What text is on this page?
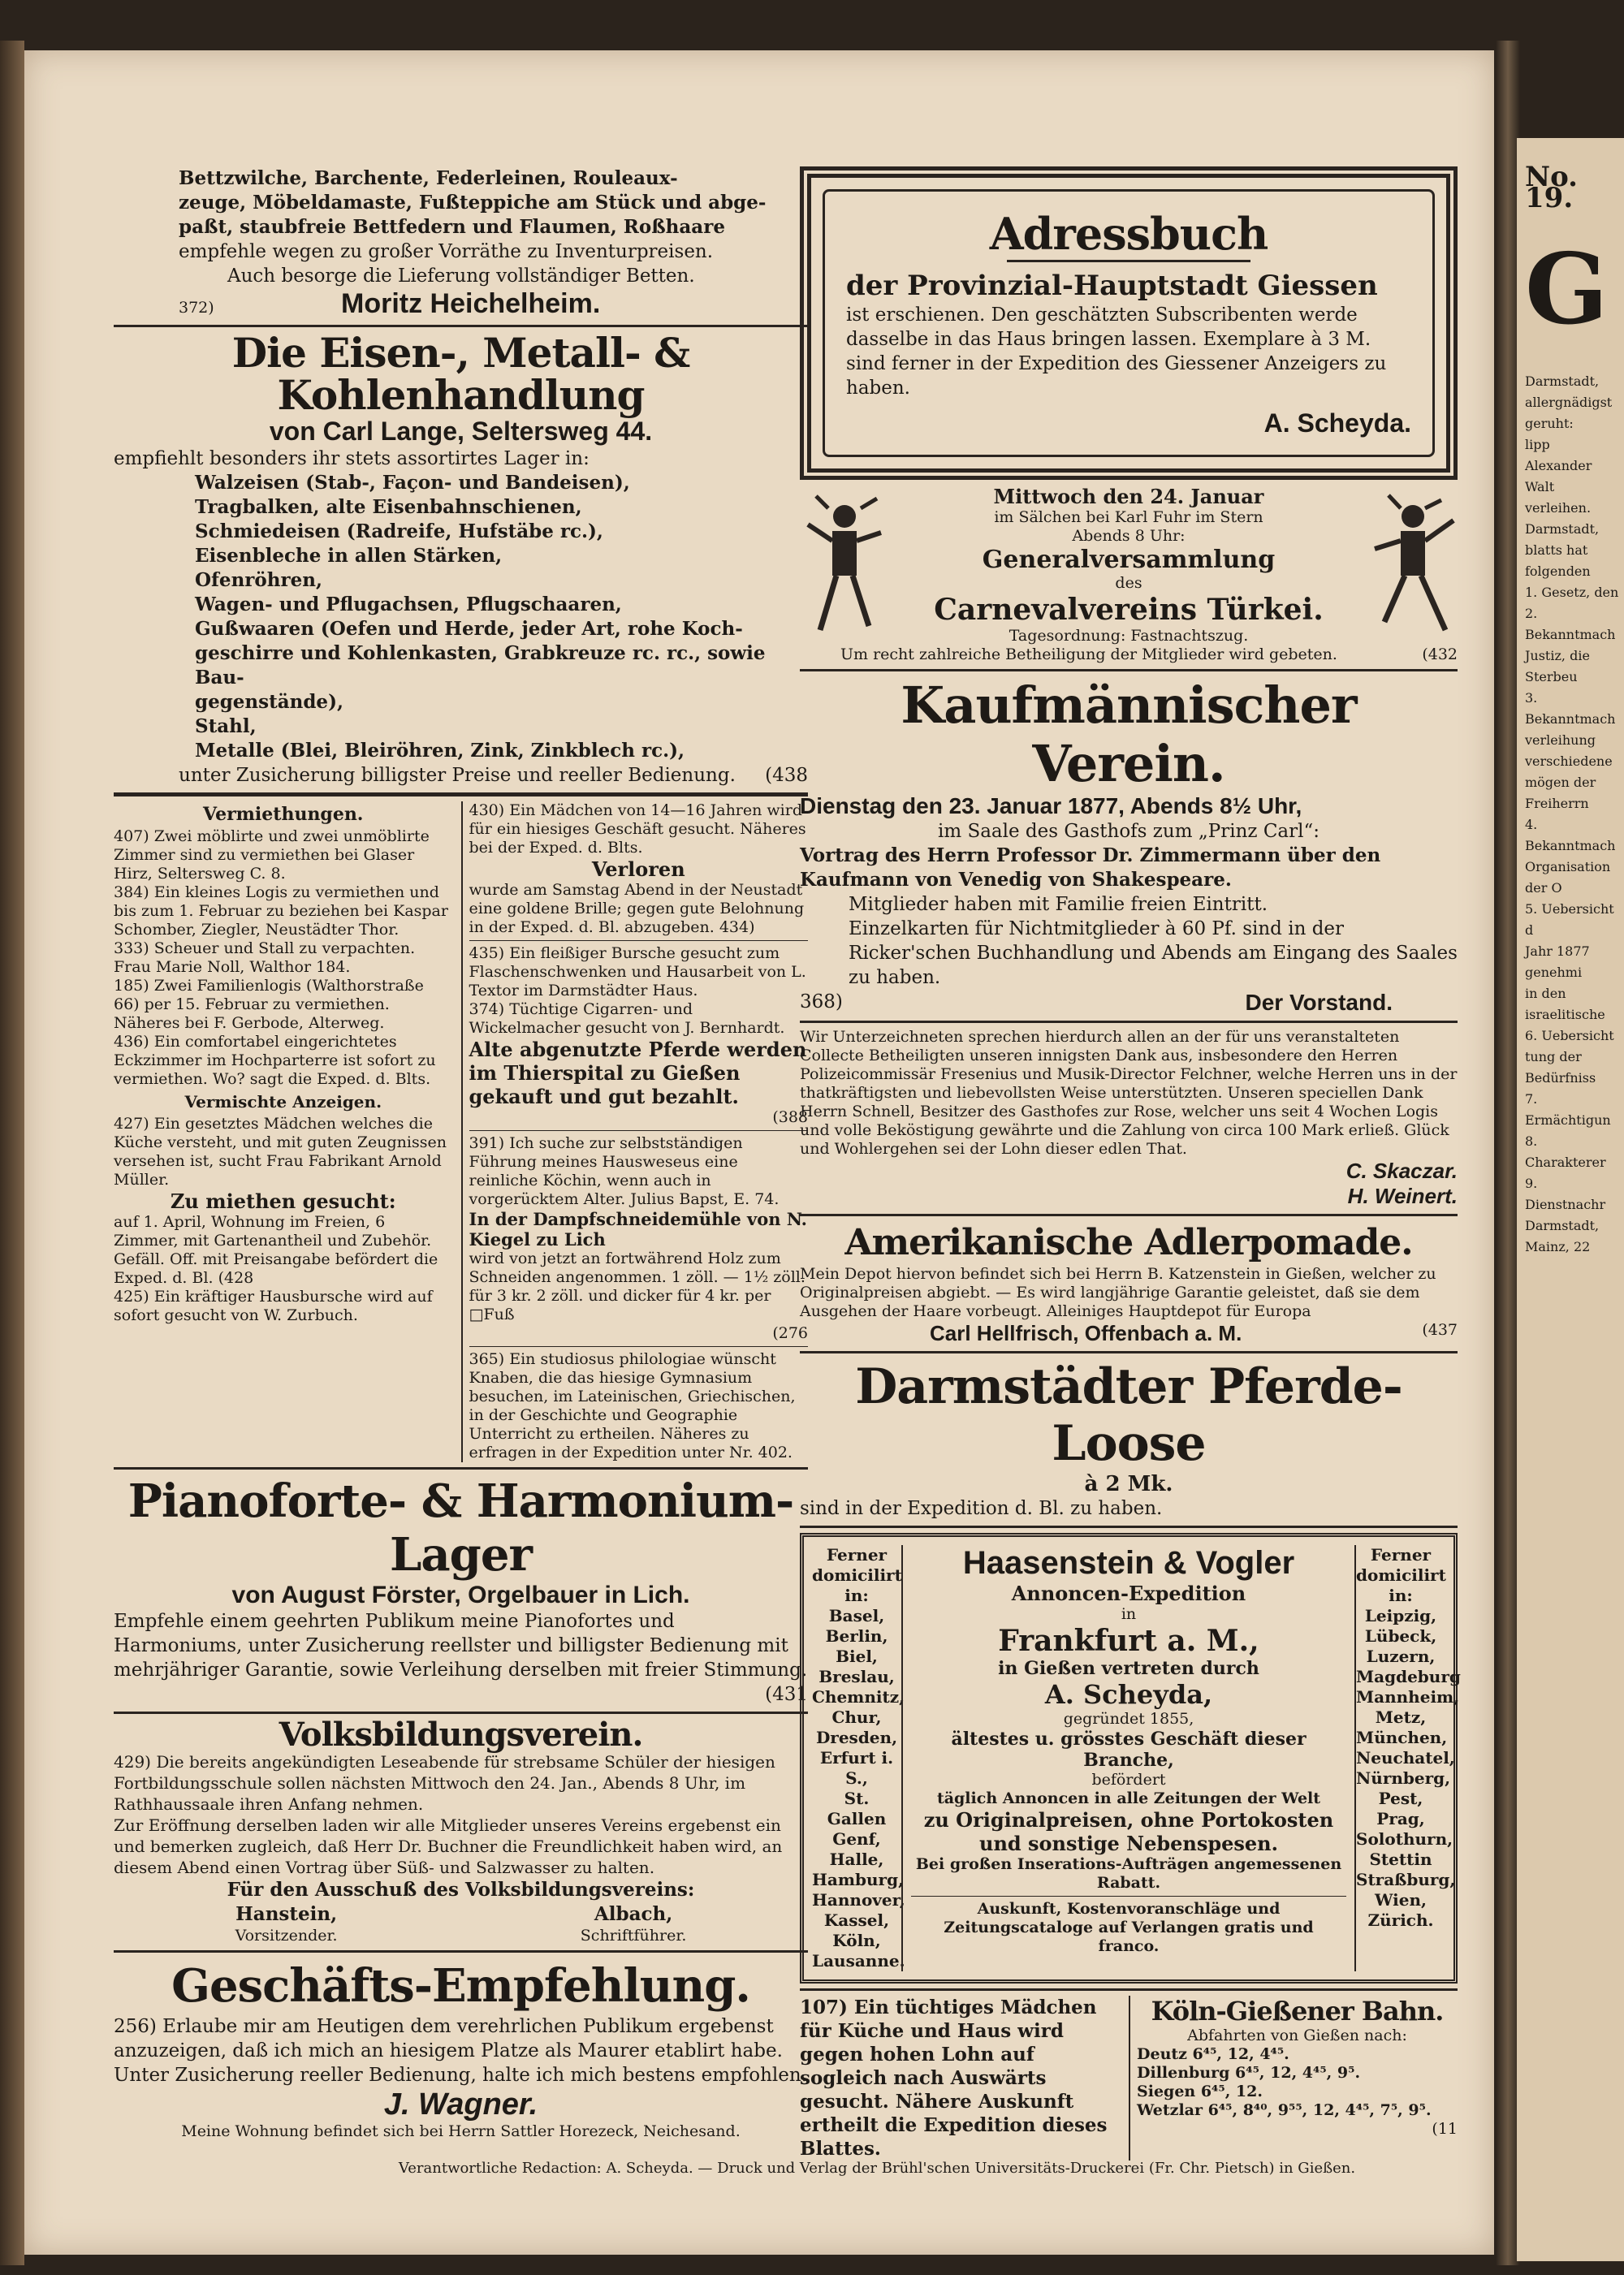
No. 19.
G

Darmstadt,

allergnädigst geruht:

lipp Alexander Walt

verleihen.

Darmstadt,

blatts hat folgenden

1. Gesetz, den

2. Bekanntmach

Justiz, die Sterbeu

3. Bekanntmach

verleihung verschiedene

mögen der Freiherrn

4. Bekanntmach

Organisation der O

5. Uebersicht d

Jahr 1877 genehmi

in den israelitische

6. Uebersicht

tung der Bedürfniss

7. Ermächtigun

8. Charakterer

9. Dienstnachr

Darmstadt,

Mainz, 22

Bettzwilche, Barchente, Federleinen, Rouleaux-

zeuge, Möbeldamaste, Fußteppiche am Stück und abge-

paßt, staubfreie Bettfedern und Flaumen, Roßhaare

empfehle wegen zu großer Vorräthe zu Inventurpreisen.

Auch besorge die Lieferung vollständiger Betten.

372)	Moritz Heichelheim.

Die Eisen-, Metall- & Kohlenhandlung

von Carl Lange, Seltersweg 44.

empfiehlt besonders ihr stets assortirtes Lager in:

Walzeisen (Stab-, Façon- und Bandeisen),

Tragbalken, alte Eisenbahnschienen,

Schmiedeisen (Radreife, Hufstäbe rc.),

Eisenbleche in allen Stärken,

Ofenröhren,

Wagen- und Pflugachsen, Pflugschaaren,

Gußwaaren (Oefen und Herde, jeder Art, rohe Koch-

geschirre und Kohlenkasten, Grabkreuze rc. rc., sowie Bau-

gegenstände),

Stahl,

Metalle (Blei, Bleiröhren, Zink, Zinkblech rc.),

unter Zusicherung billigster Preise und reeller Bedienung. (438

Vermiethungen.

407) Zwei möblirte und zwei unmöblirte Zimmer sind zu vermiethen bei Glaser Hirz, Seltersweg C. 8.

384) Ein kleines Logis zu vermiethen und bis zum 1. Februar zu beziehen bei Kaspar Schomber, Ziegler, Neustädter Thor.

333) Scheuer und Stall zu verpachten. Frau Marie Noll, Walthor 184.

185) Zwei Familienlogis (Walthorstraße 66) per 15. Februar zu vermiethen. Näheres bei F. Gerbode, Alterweg.

436) Ein comfortabel eingerichtetes Eckzimmer im Hochparterre ist sofort zu vermiethen. Wo? sagt die Exped. d. Blts.

Vermischte Anzeigen.

427) Ein gesetztes Mädchen welches die Küche versteht, und mit guten Zeugnissen versehen ist, sucht Frau Fabrikant Arnold Müller.

Zu miethen gesucht:

auf 1. April, Wohnung im Freien, 6 Zimmer, mit Gartenantheil und Zubehör. Gefäll. Off. mit Preisangabe befördert die Exped. d. Bl. (428

425) Ein kräftiger Hausbursche wird auf sofort gesucht von W. Zurbuch.

430) Ein Mädchen von 14—16 Jahren wird für ein hiesiges Geschäft gesucht. Näheres bei der Exped. d. Blts.

Verloren

wurde am Samstag Abend in der Neustadt eine goldene Brille; gegen gute Belohnung in der Exped. d. Bl. abzugeben. 434)

435) Ein fleißiger Bursche gesucht zum Flaschenschwenken und Hausarbeit von L. Textor im Darmstädter Haus.

374) Tüchtige Cigarren- und Wickelmacher gesucht von J. Bernhardt.

Alte abgenutzte Pferde werden im Thierspital zu Gießen gekauft und gut bezahlt.

(388

391) Ich suche zur selbstständigen Führung meines Hausweseus eine reinliche Köchin, wenn auch in vorgerücktem Alter. Julius Bapst, E. 74.

In der Dampfschneidemühle von N. Kiegel zu Lich

wird von jetzt an fortwährend Holz zum Schneiden angenommen. 1 zöll. — 1½ zöll. für 3 kr. 2 zöll. und dicker für 4 kr. per □Fuß

(276

365) Ein studiosus philologiae wünscht Knaben, die das hiesige Gymnasium besuchen, im Lateinischen, Griechischen, in der Geschichte und Geographie Unterricht zu ertheilen. Näheres zu erfragen in der Expedition unter Nr. 402.

Pianoforte- & Harmonium-Lager

von August Förster, Orgelbauer in Lich.

Empfehle einem geehrten Publikum meine Pianofortes und Harmoniums, unter Zusicherung reellster und billigster Bedienung mit mehrjähriger Garantie, sowie Verleihung derselben mit freier Stimmung.

(431

Volksbildungsverein.

429) Die bereits angekündigten Leseabende für strebsame Schüler der hiesigen Fortbildungsschule sollen nächsten Mittwoch den 24. Jan., Abends 8 Uhr, im Rathhaussaale ihren Anfang nehmen.

Zur Eröffnung derselben laden wir alle Mitglieder unseres Vereins ergebenst ein und bemerken zugleich, daß Herr Dr. Buchner die Freundlichkeit haben wird, an diesem Abend einen Vortrag über Süß- und Salzwasser zu halten.

Für den Ausschuß des Volksbildungsvereins:

Hanstein,

Vorsitzender.

Albach,

Schriftführer.

Geschäfts-Empfehlung.

256) Erlaube mir am Heutigen dem verehrlichen Publikum ergebenst anzuzeigen, daß ich mich an hiesigem Platze als Maurer etablirt habe. Unter Zusicherung reeller Bedienung, halte ich mich bestens empfohlen.

J. Wagner.

Meine Wohnung befindet sich bei Herrn Sattler Horezeck, Neichesand.

Adressbuch

der Provinzial-Hauptstadt Giessen

ist erschienen. Den geschätzten Subscribenten werde dasselbe in das Haus bringen lassen. Exemplare à 3 M. sind ferner in der Expedition des Giessener Anzeigers zu haben.

A. Scheyda.

Mittwoch den 24. Januar

im Sälchen bei Karl Fuhr im Stern

Abends 8 Uhr:

Generalversammlung

des

Carnevalvereins Türkei.

Tagesordnung: Fastnachtszug.

Um recht zahlreiche Betheiligung der Mitglieder wird gebeten.	(432

Kaufmännischer Verein.

Dienstag den 23. Januar 1877, Abends 8½ Uhr,

im Saale des Gasthofs zum „Prinz Carl“:

Vortrag des Herrn Professor Dr. Zimmermann über den Kaufmann von Venedig von Shakespeare.

Mitglieder haben mit Familie freien Eintritt.

Einzelkarten für Nichtmitglieder à 60 Pf. sind in der Ricker'schen Buchhandlung und Abends am Eingang des Saales zu haben.

368)	Der Vorstand.

Wir Unterzeichneten sprechen hierdurch allen an der für uns veranstalteten Collecte Betheiligten unseren innigsten Dank aus, insbesondere den Herren Polizeicommissär Fresenius und Musik-Director Felchner, welche Herren uns in der thatkräftigsten und liebevollsten Weise unterstützten. Unseren speciellen Dank Herrn Schnell, Besitzer des Gasthofes zur Rose, welcher uns seit 4 Wochen Logis und volle Beköstigung gewährte und die Zahlung von circa 100 Mark erließ. Glück und Wohlergehen sei der Lohn dieser edlen That.

C. Skaczar.

H. Weinert.

Amerikanische Adlerpomade.

Mein Depot hiervon befindet sich bei Herrn B. Katzenstein in Gießen, welcher zu Originalpreisen abgiebt. — Es wird langjährige Garantie geleistet, daß sie dem Ausgehen der Haare vorbeugt. Alleiniges Hauptdepot für Europa

Carl Hellfrisch, Offenbach a. M.	(437

Darmstädter Pferde-Loose

à 2 Mk.

sind in der Expedition d. Bl. zu haben.

Ferner domicilirt in:

Basel,

Berlin,

Biel,

Breslau,

Chemnitz,

Chur,

Dresden,

Erfurt i. S.,

St. Gallen

Genf,

Halle,

Hamburg,

Hannover,

Kassel,

Köln,

Lausanne.

Haasenstein & Vogler

Annoncen-Expedition

in

Frankfurt a. M.,

in Gießen vertreten durch

A. Scheyda,

gegründet 1855,

ältestes u. grösstes Geschäft dieser Branche,

befördert

täglich Annoncen in alle Zeitungen der Welt

zu Originalpreisen, ohne Portokosten und sonstige Nebenspesen.

Bei großen Inserations-Aufträgen angemessenen Rabatt.

Auskunft, Kostenvoranschläge und Zeitungscataloge auf Verlangen gratis und franco.

Ferner domicilirt in:

Leipzig,

Lübeck,

Luzern,

Magdeburg

Mannheim,

Metz,

München,

Neuchatel,

Nürnberg,

Pest,

Prag,

Solothurn,

Stettin

Straßburg,

Wien,

Zürich.

107) Ein tüchtiges Mädchen für Küche und Haus wird gegen hohen Lohn auf sogleich nach Auswärts gesucht. Nähere Auskunft ertheilt die Expedition dieses Blattes.

Köln-Gießener Bahn.

Abfahrten von Gießen nach:

Deutz 6⁴⁵, 12, 4⁴⁵.

Dillenburg 6⁴⁵, 12, 4⁴⁵, 9⁵.

Siegen 6⁴⁵, 12.

Wetzlar 6⁴⁵, 8⁴⁰, 9⁵⁵, 12, 4⁴⁵, 7⁵, 9⁵.

(11

Verantwortliche Redaction: A. Scheyda. — Druck und Verlag der Brühl'schen Universitäts-Druckerei (Fr. Chr. Pietsch) in Gießen.
